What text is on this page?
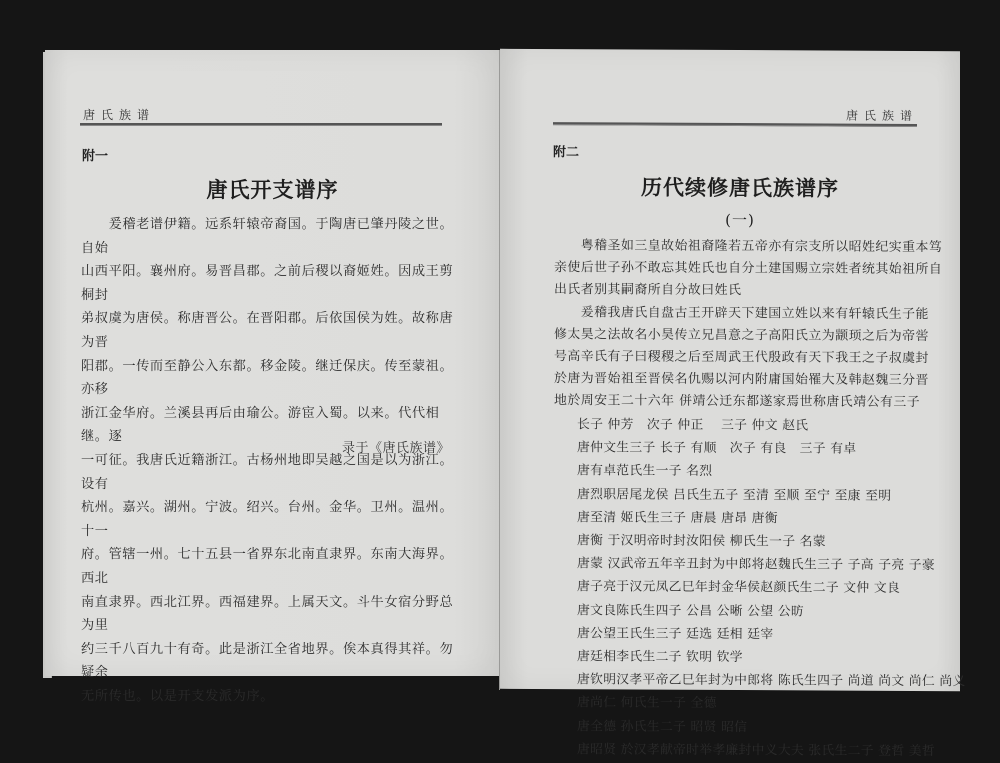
唐氏族谱
附一
唐氏开支谱序

　　爰稽老谱伊籍。远系轩辕帝裔国。于陶唐已肇丹陵之世。自始

山西平阳。襄州府。易晋昌郡。之前后稷以裔姬姓。因成王剪桐封

弟叔虞为唐侯。称唐晋公。在晋阳郡。后依国侯为姓。故称唐为晋

阳郡。一传而至静公入东都。移金陵。继迁保庆。传至蒙祖。亦移

浙江金华府。兰溪县再后由瑜公。游宦入蜀。以来。代代相继。逐

一可征。我唐氏近籍浙江。古杨州地即吴越之国是以为浙江。设有

杭州。嘉兴。湖州。宁波。绍兴。台州。金华。卫州。温州。十一

府。管辖一州。七十五县一省界东北南直隶界。东南大海界。西北

南直隶界。西北江界。西福建界。上属天文。斗牛女宿分野总为里

约三千八百九十有奇。此是浙江全省地界。俟本真得其祥。勿疑余

无所传也。以是开支发派为序。

录于《唐氏族谱》
唐氏族谱
附二
历代续修唐氏族谱序
(一)

　　粤稽圣如三皇故始祖裔隆若五帝亦有宗支所以昭姓纪实重本笃

亲使后世子孙不敢忘其姓氏也自分土建国赐立宗姓者统其始祖所自

出氏者别其嗣裔所自分故曰姓氏

　　爰稽我唐氏自盘古王开辟天下建国立姓以来有轩辕氏生子能

修太昊之法故名小昊传立兄昌意之子高阳氏立为颛顼之后为帝喾

号高辛氏有子曰稷稷之后至周武王代殷政有天下我王之子叔虞封

於唐为晋始祖至晋侯名仇赐以河内附庸国始罹大及韩赵魏三分晋

地於周安王二十六年 併靖公迁东都遂家焉世称唐氏靖公有三子

长子 仲芳　次子 仲正　 三子 仲文 赵氏
唐仲文生三子 长子 有顺　次子 有良　三子 有卓
唐有卓范氏生一子 名烈
唐烈职居尾龙侯 吕氏生五子 至清 至顺 至宁 至康 至明
唐至清 姬氏生三子 唐晨 唐昂 唐衡
唐衡 于汉明帝时封汝阳侯 柳氏生一子 名蒙
唐蒙 汉武帝五年辛丑封为中郎将赵魏氏生三子 子高 子亮 子豪
唐子亮于汉元凤乙巳年封金华侯赵颜氏生二子 文仲 文良
唐文良陈氏生四子 公昌 公晰 公望 公昉
唐公望王氏生三子 廷选 廷相 廷宰
唐廷相李氏生二子 钦明 钦学
唐钦明汉孝平帝乙巳年封为中郎将 陈氏生四子 尚道 尚文 尚仁 尚义
唐尚仁 何氏生一子 全德
唐全德 孙氏生二子 昭贤 昭信
唐昭贤 於汉孝献帝时举孝廉封中义大夫 张氏生二子 登哲 美哲
